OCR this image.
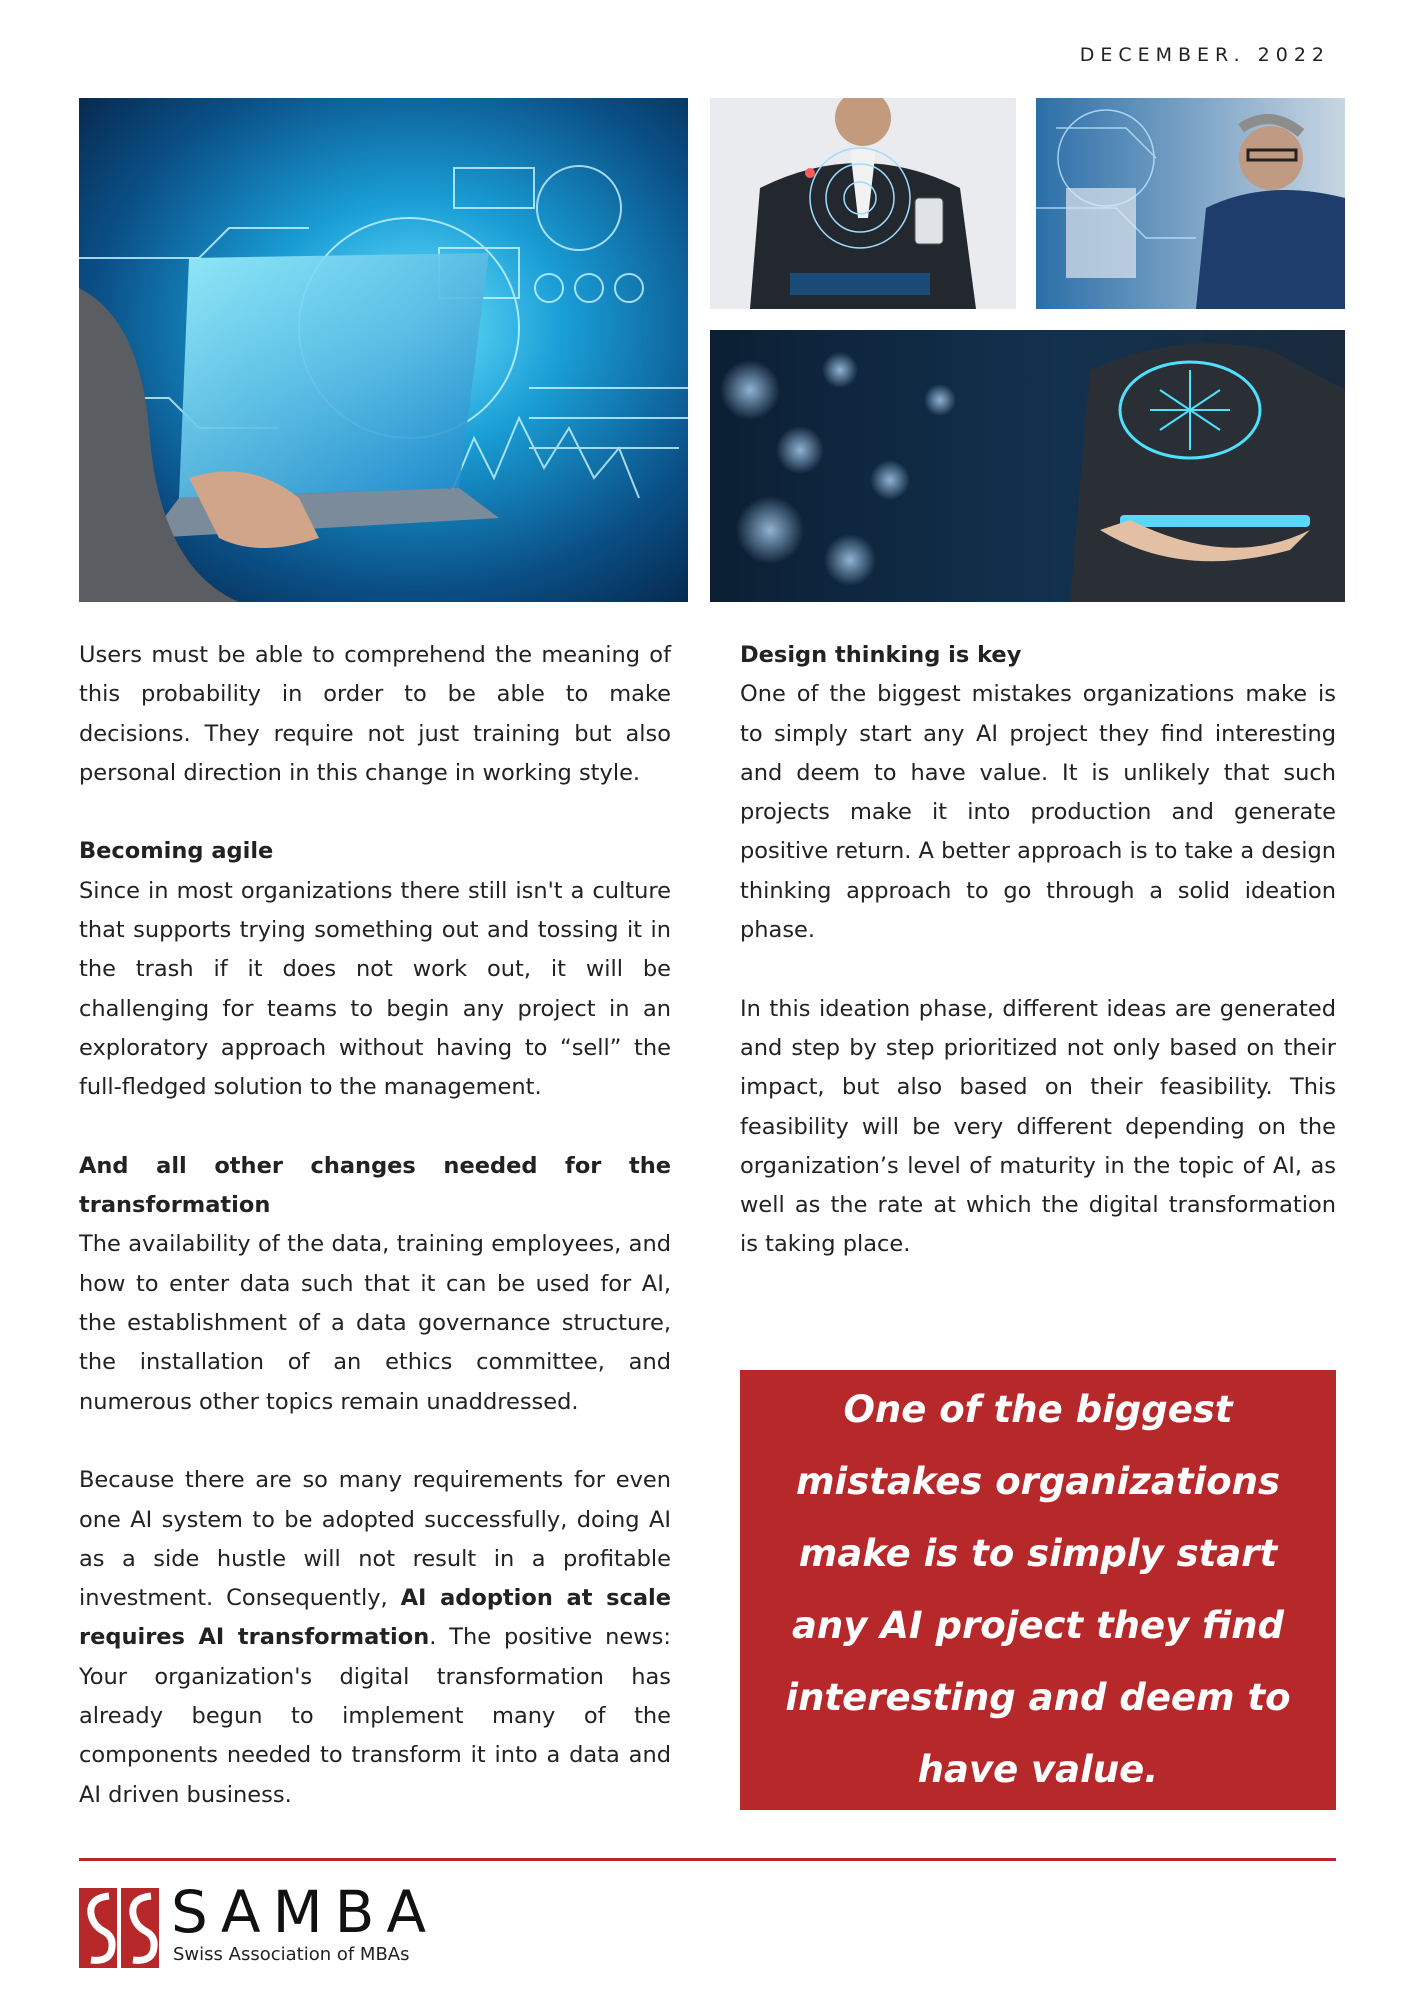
DECEMBER. 2022

Users must be able to comprehend the meaning of this probability in order to be able to make decisions. They require not just training but also personal direction in this change in working style.

Becoming agile

Since in most organizations there still isn't a culture that supports trying something out and tossing it in the trash if it does not work out, it will be challenging for teams to begin any project in an exploratory approach without having to “sell” the full-fledged solution to the management.

And all other changes needed for the transformation

The availability of the data, training employees, and how to enter data such that it can be used for AI, the establishment of a data governance structure, the installation of an ethics committee, and numerous other topics remain unaddressed.

Because there are so many requirements for even one AI system to be adopted successfully, doing AI as a side hustle will not result in a profitable investment. Consequently, AI adoption at scale requires AI transformation. The positive news: Your organization's digital transformation has already begun to implement many of the components needed to transform it into a data and AI driven business.

Design thinking is key

One of the biggest mistakes organizations make is to simply start any AI project they find interesting and deem to have value. It is unlikely that such projects make it into production and generate positive return. A better approach is to take a design thinking approach to go through a solid ideation phase.

In this ideation phase, different ideas are generated and step by step prioritized not only based on their impact, but also based on their feasibility. This feasibility will be very different depending on the organization’s level of maturity in the topic of AI, as well as the rate at which the digital transformation is taking place.

One of the biggest mistakes organizations make is to simply start any AI project they find interesting and deem to have value.
SAMBA
Swiss Association of MBAs
